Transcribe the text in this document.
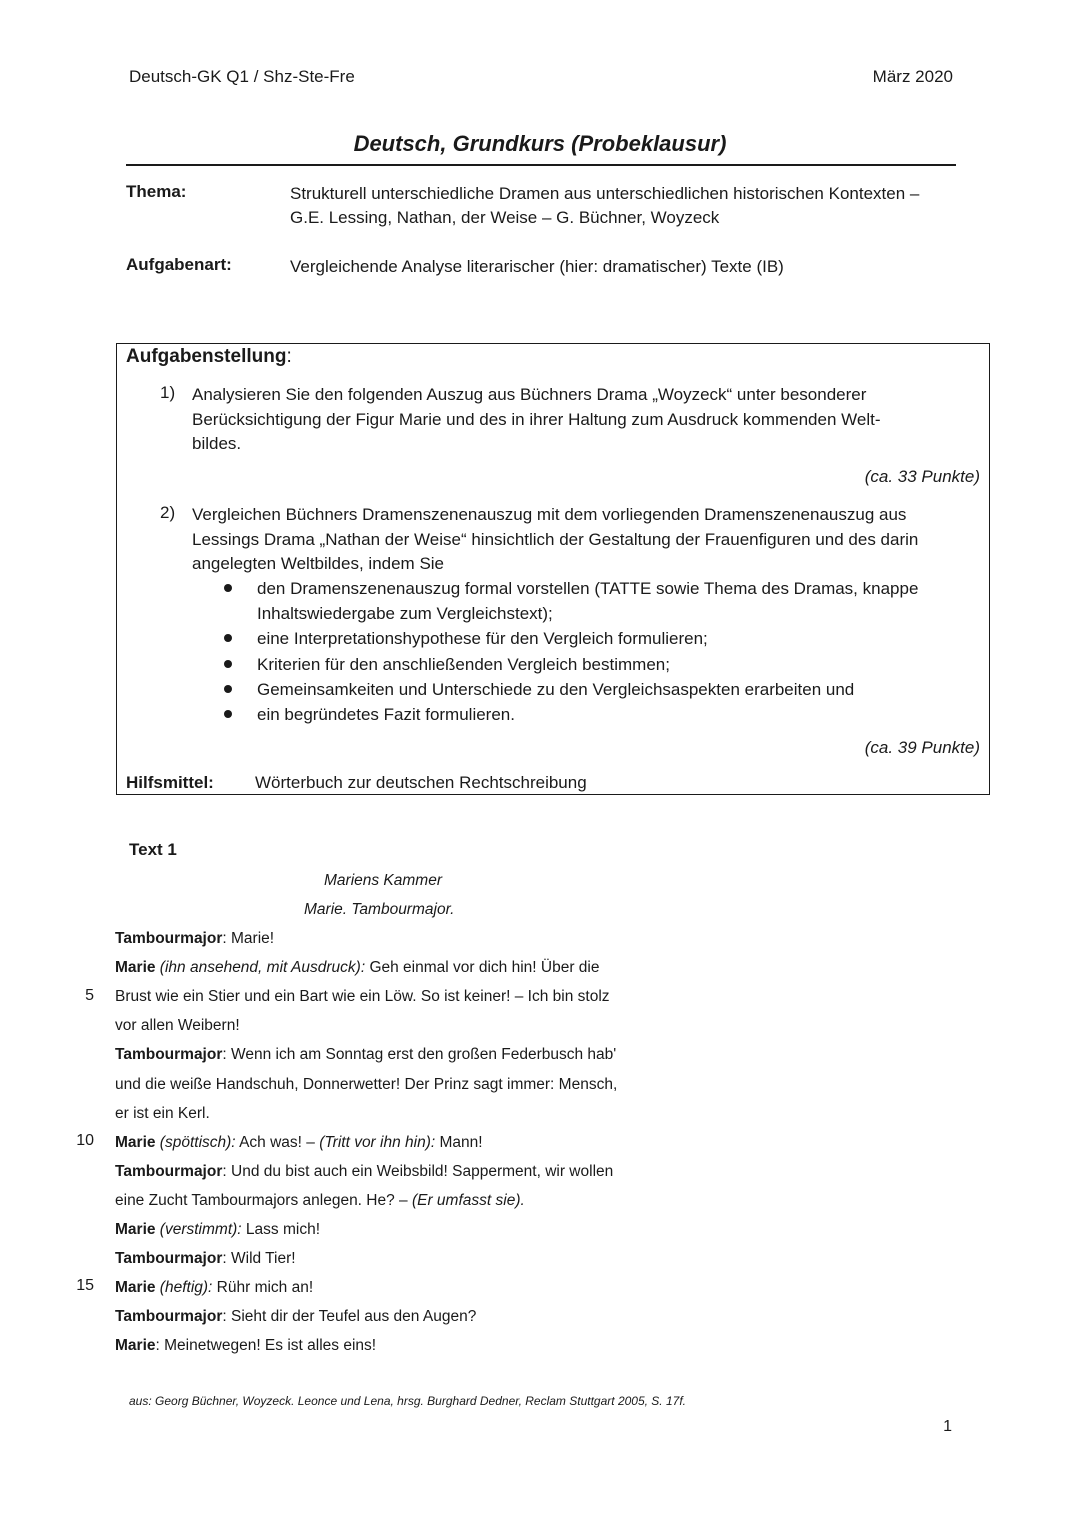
Deutsch-GK Q1 / Shz-Ste-Fre	März 2020
Deutsch, Grundkurs (Probeklausur)
Thema:	Strukturell unterschiedliche Dramen aus unterschiedlichen historischen Kontexten –
G.E. Lessing, Nathan, der Weise – G. Büchner, Woyzeck
Aufgabenart:	Vergleichende Analyse literarischer (hier: dramatischer) Texte (IB)
Aufgabenstellung:
1) Analysieren Sie den folgenden Auszug aus Büchners Drama „Woyzeck“ unter besonderer
Berücksichtigung der Figur Marie und des in ihrer Haltung zum Ausdruck kommenden Welt-
bildes.
(ca. 33 Punkte)
2) Vergleichen Büchners Dramenszenenauszug mit dem vorliegenden Dramenszenenauszug aus
Lessings Drama „Nathan der Weise“ hinsichtlich der Gestaltung der Frauenfiguren und des darin
angelegten Weltbildes, indem Sie
den Dramenszenenauszug formal vorstellen (TATTE sowie Thema des Dramas, knappe
Inhaltswiedergabe zum Vergleichstext);
eine Interpretationshypothese für den Vergleich formulieren;
Kriterien für den anschließenden Vergleich bestimmen;
Gemeinsamkeiten und Unterschiede zu den Vergleichsaspekten erarbeiten und
ein begründetes Fazit formulieren.
(ca. 39 Punkte)
Hilfsmittel: Wörterbuch zur deutschen Rechtschreibung
Text 1
Mariens Kammer
Marie. Tambourmajor.
Tambourmajor: Marie!
Marie (ihn ansehend, mit Ausdruck): Geh einmal vor dich hin! Über die
Brust wie ein Stier und ein Bart wie ein Löw. So ist keiner! – Ich bin stolz
vor allen Weibern!
Tambourmajor: Wenn ich am Sonntag erst den großen Federbusch hab'
und die weiße Handschuh, Donnerwetter! Der Prinz sagt immer: Mensch,
er ist ein Kerl.
Marie (spöttisch): Ach was! – (Tritt vor ihn hin): Mann!
Tambourmajor: Und du bist auch ein Weibsbild! Sapperment, wir wollen
eine Zucht Tambourmajors anlegen. He? – (Er umfasst sie).
Marie (verstimmt): Lass mich!
Tambourmajor: Wild Tier!
Marie (heftig): Rühr mich an!
Tambourmajor: Sieht dir der Teufel aus den Augen?
Marie: Meinetwegen! Es ist alles eins!
5
10
15
aus: Georg Büchner, Woyzeck. Leonce und Lena, hrsg. Burghard Dedner, Reclam Stuttgart 2005, S. 17f.
1
